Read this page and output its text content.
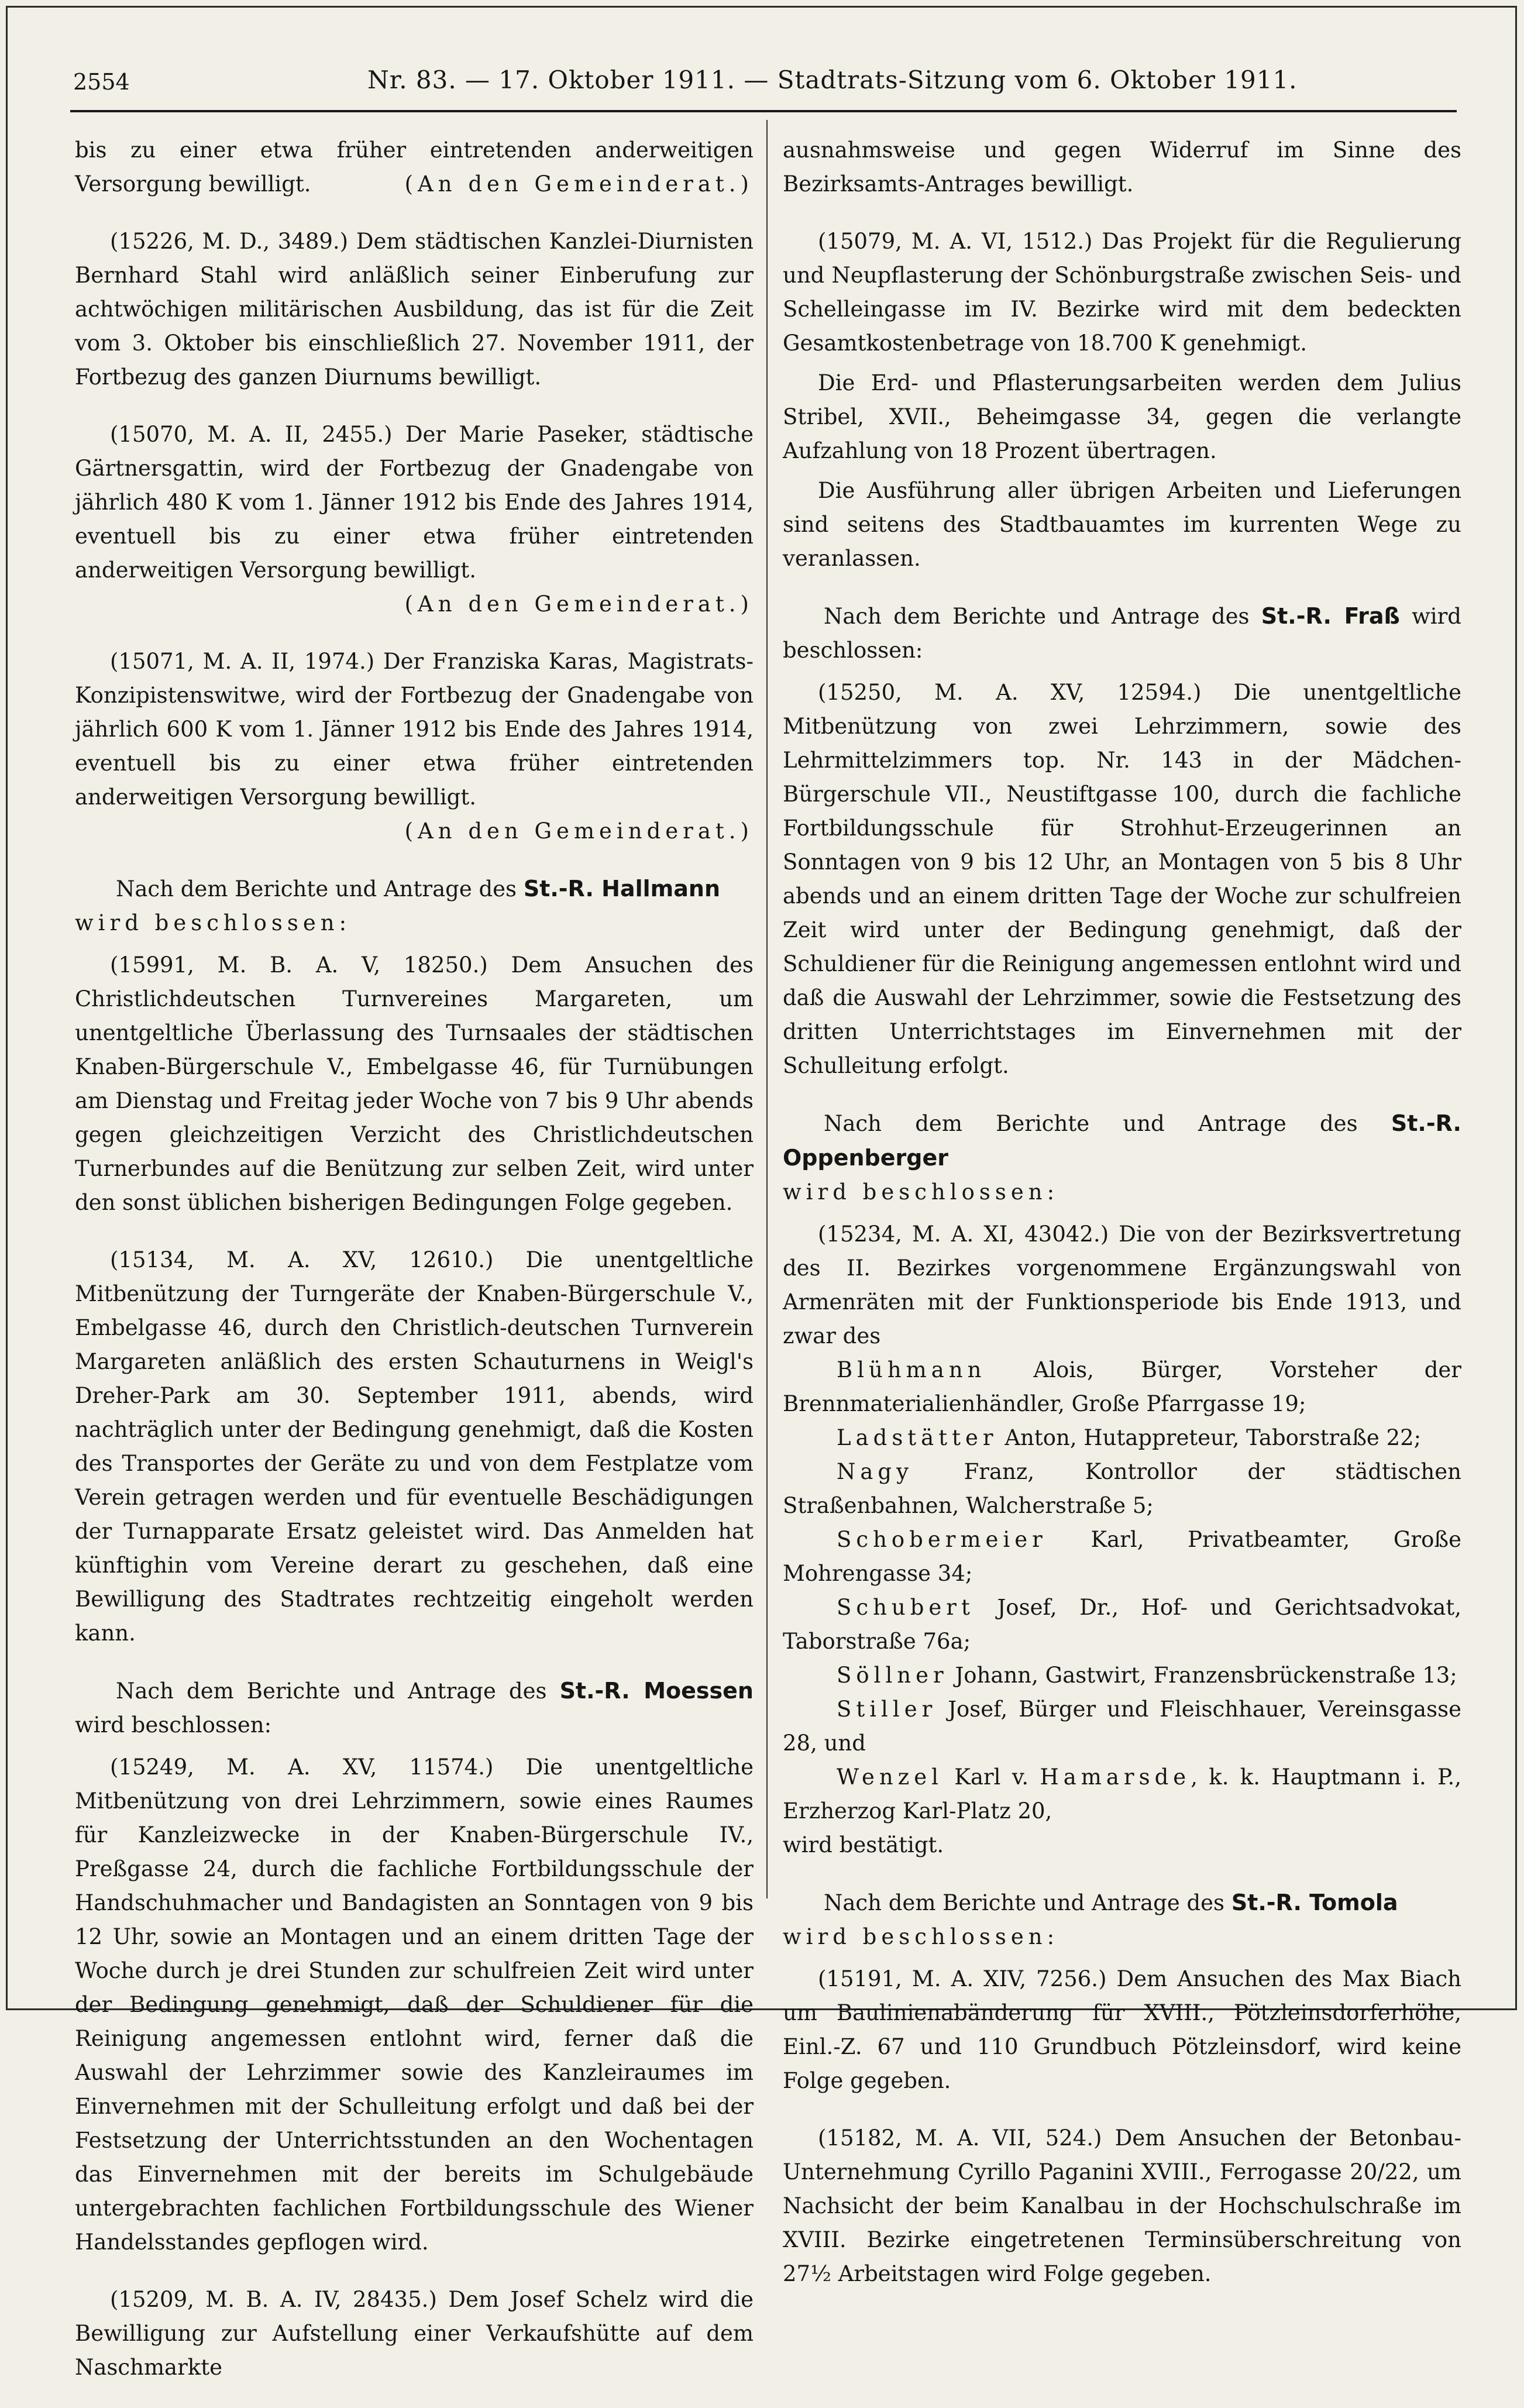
2554	Nr. 83. — 17. Oktober 1911. — Stadtrats-Sitzung vom 6. Oktober 1911.

bis zu einer etwa früher eintretenden anderweitigen Versorgung bewilligt.	(An den Gemeinderat.)

(15226, M. D., 3489.) Dem städtischen Kanzlei-Diurnisten Bernhard Stahl wird anläßlich seiner Einberufung zur achtwöchigen militärischen Ausbildung, das ist für die Zeit vom 3. Oktober bis einschließlich 27. November 1911, der Fortbezug des ganzen Diurnums bewilligt.

(15070, M. A. II, 2455.) Der Marie Paseker, städtische Gärtnersgattin, wird der Fortbezug der Gnadengabe von jährlich 480 K vom 1. Jänner 1912 bis Ende des Jahres 1914, eventuell bis zu einer etwa früher eintretenden anderweitigen Versorgung bewilligt.
(An den Gemeinderat.)

(15071, M. A. II, 1974.) Der Franziska Karas, Magistrats-Konzipistenswitwe, wird der Fortbezug der Gnadengabe von jährlich 600 K vom 1. Jänner 1912 bis Ende des Jahres 1914, eventuell bis zu einer etwa früher eintretenden anderweitigen Versorgung bewilligt.
(An den Gemeinderat.)

Nach dem Berichte und Antrage des St.-R. Hallmann

wird beschlossen:

(15991, M. B. A. V, 18250.) Dem Ansuchen des Christlichdeutschen Turnvereines Margareten, um unentgeltliche Überlassung des Turnsaales der städtischen Knaben-Bürgerschule V., Embelgasse 46, für Turnübungen am Dienstag und Freitag jeder Woche von 7 bis 9 Uhr abends gegen gleichzeitigen Verzicht des Christlichdeutschen Turnerbundes auf die Benützung zur selben Zeit, wird unter den sonst üblichen bisherigen Bedingungen Folge gegeben.

(15134, M. A. XV, 12610.) Die unentgeltliche Mitbenützung der Turngeräte der Knaben-Bürgerschule V., Embelgasse 46, durch den Christlich-deutschen Turnverein Margareten anläßlich des ersten Schauturnens in Weigl's Dreher-Park am 30. September 1911, abends, wird nachträglich unter der Bedingung genehmigt, daß die Kosten des Transportes der Geräte zu und von dem Festplatze vom Verein getragen werden und für eventuelle Beschädigungen der Turnapparate Ersatz geleistet wird. Das Anmelden hat künftighin vom Vereine derart zu geschehen, daß eine Bewilligung des Stadtrates rechtzeitig eingeholt werden kann.

Nach dem Berichte und Antrage des St.-R. Moessen wird beschlossen:

(15249, M. A. XV, 11574.) Die unentgeltliche Mitbenützung von drei Lehrzimmern, sowie eines Raumes für Kanzleizwecke in der Knaben-Bürgerschule IV., Preßgasse 24, durch die fachliche Fortbildungsschule der Handschuhmacher und Bandagisten an Sonntagen von 9 bis 12 Uhr, sowie an Montagen und an einem dritten Tage der Woche durch je drei Stunden zur schulfreien Zeit wird unter der Bedingung genehmigt, daß der Schuldiener für die Reinigung angemessen entlohnt wird, ferner daß die Auswahl der Lehrzimmer sowie des Kanzleiraumes im Einvernehmen mit der Schulleitung erfolgt und daß bei der Festsetzung der Unterrichtsstunden an den Wochentagen das Einvernehmen mit der bereits im Schulgebäude untergebrachten fachlichen Fortbildungsschule des Wiener Handelsstandes gepflogen wird.

(15209, M. B. A. IV, 28435.) Dem Josef Schelz wird die Bewilligung zur Aufstellung einer Verkaufshütte auf dem Naschmarkte

ausnahmsweise und gegen Widerruf im Sinne des Bezirksamts-Antrages bewilligt.

(15079, M. A. VI, 1512.) Das Projekt für die Regulierung und Neupflasterung der Schönburgstraße zwischen Seis- und Schelleingasse im IV. Bezirke wird mit dem bedeckten Gesamtkostenbetrage von 18.700 K genehmigt.

Die Erd- und Pflasterungsarbeiten werden dem Julius Stribel, XVII., Beheimgasse 34, gegen die verlangte Aufzahlung von 18 Prozent übertragen.

Die Ausführung aller übrigen Arbeiten und Lieferungen sind seitens des Stadtbauamtes im kurrenten Wege zu veranlassen.

Nach dem Berichte und Antrage des St.-R. Fraß wird beschlossen:

(15250, M. A. XV, 12594.) Die unentgeltliche Mitbenützung von zwei Lehrzimmern, sowie des Lehrmittelzimmers top. Nr. 143 in der Mädchen-Bürgerschule VII., Neustiftgasse 100, durch die fachliche Fortbildungsschule für Strohhut-Erzeugerinnen an Sonntagen von 9 bis 12 Uhr, an Montagen von 5 bis 8 Uhr abends und an einem dritten Tage der Woche zur schulfreien Zeit wird unter der Bedingung genehmigt, daß der Schuldiener für die Reinigung angemessen entlohnt wird und daß die Auswahl der Lehrzimmer, sowie die Festsetzung des dritten Unterrichtstages im Einvernehmen mit der Schulleitung erfolgt.

Nach dem Berichte und Antrage des St.-R. Oppenberger

wird beschlossen:

(15234, M. A. XI, 43042.) Die von der Bezirksvertretung des II. Bezirkes vorgenommene Ergänzungswahl von Armenräten mit der Funktionsperiode bis Ende 1913, und zwar des

Blühmann Alois, Bürger, Vorsteher der Brennmaterialienhändler, Große Pfarrgasse 19;

Ladstätter Anton, Hutappreteur, Taborstraße 22;

Nagy Franz, Kontrollor der städtischen Straßenbahnen, Walcherstraße 5;

Schobermeier Karl, Privatbeamter, Große Mohrengasse 34;

Schubert Josef, Dr., Hof- und Gerichtsadvokat, Taborstraße 76a;

Söllner Johann, Gastwirt, Franzensbrückenstraße 13;

Stiller Josef, Bürger und Fleischhauer, Vereinsgasse 28, und

Wenzel Karl v. Hamarsde, k. k. Hauptmann i. P., Erzherzog Karl-Platz 20,

wird bestätigt.

Nach dem Berichte und Antrage des St.-R. Tomola

wird beschlossen:

(15191, M. A. XIV, 7256.) Dem Ansuchen des Max Biach um Baulinienabänderung für XVIII., Pötzleinsdorferhöhe, Einl.-Z. 67 und 110 Grundbuch Pötzleinsdorf, wird keine Folge gegeben.

(15182, M. A. VII, 524.) Dem Ansuchen der Betonbau-Unternehmung Cyrillo Paganini XVIII., Ferrogasse 20/22, um Nachsicht der beim Kanalbau in der Hochschulschraße im XVIII. Bezirke eingetretenen Terminsüberschreitung von 27½ Arbeitstagen wird Folge gegeben.
